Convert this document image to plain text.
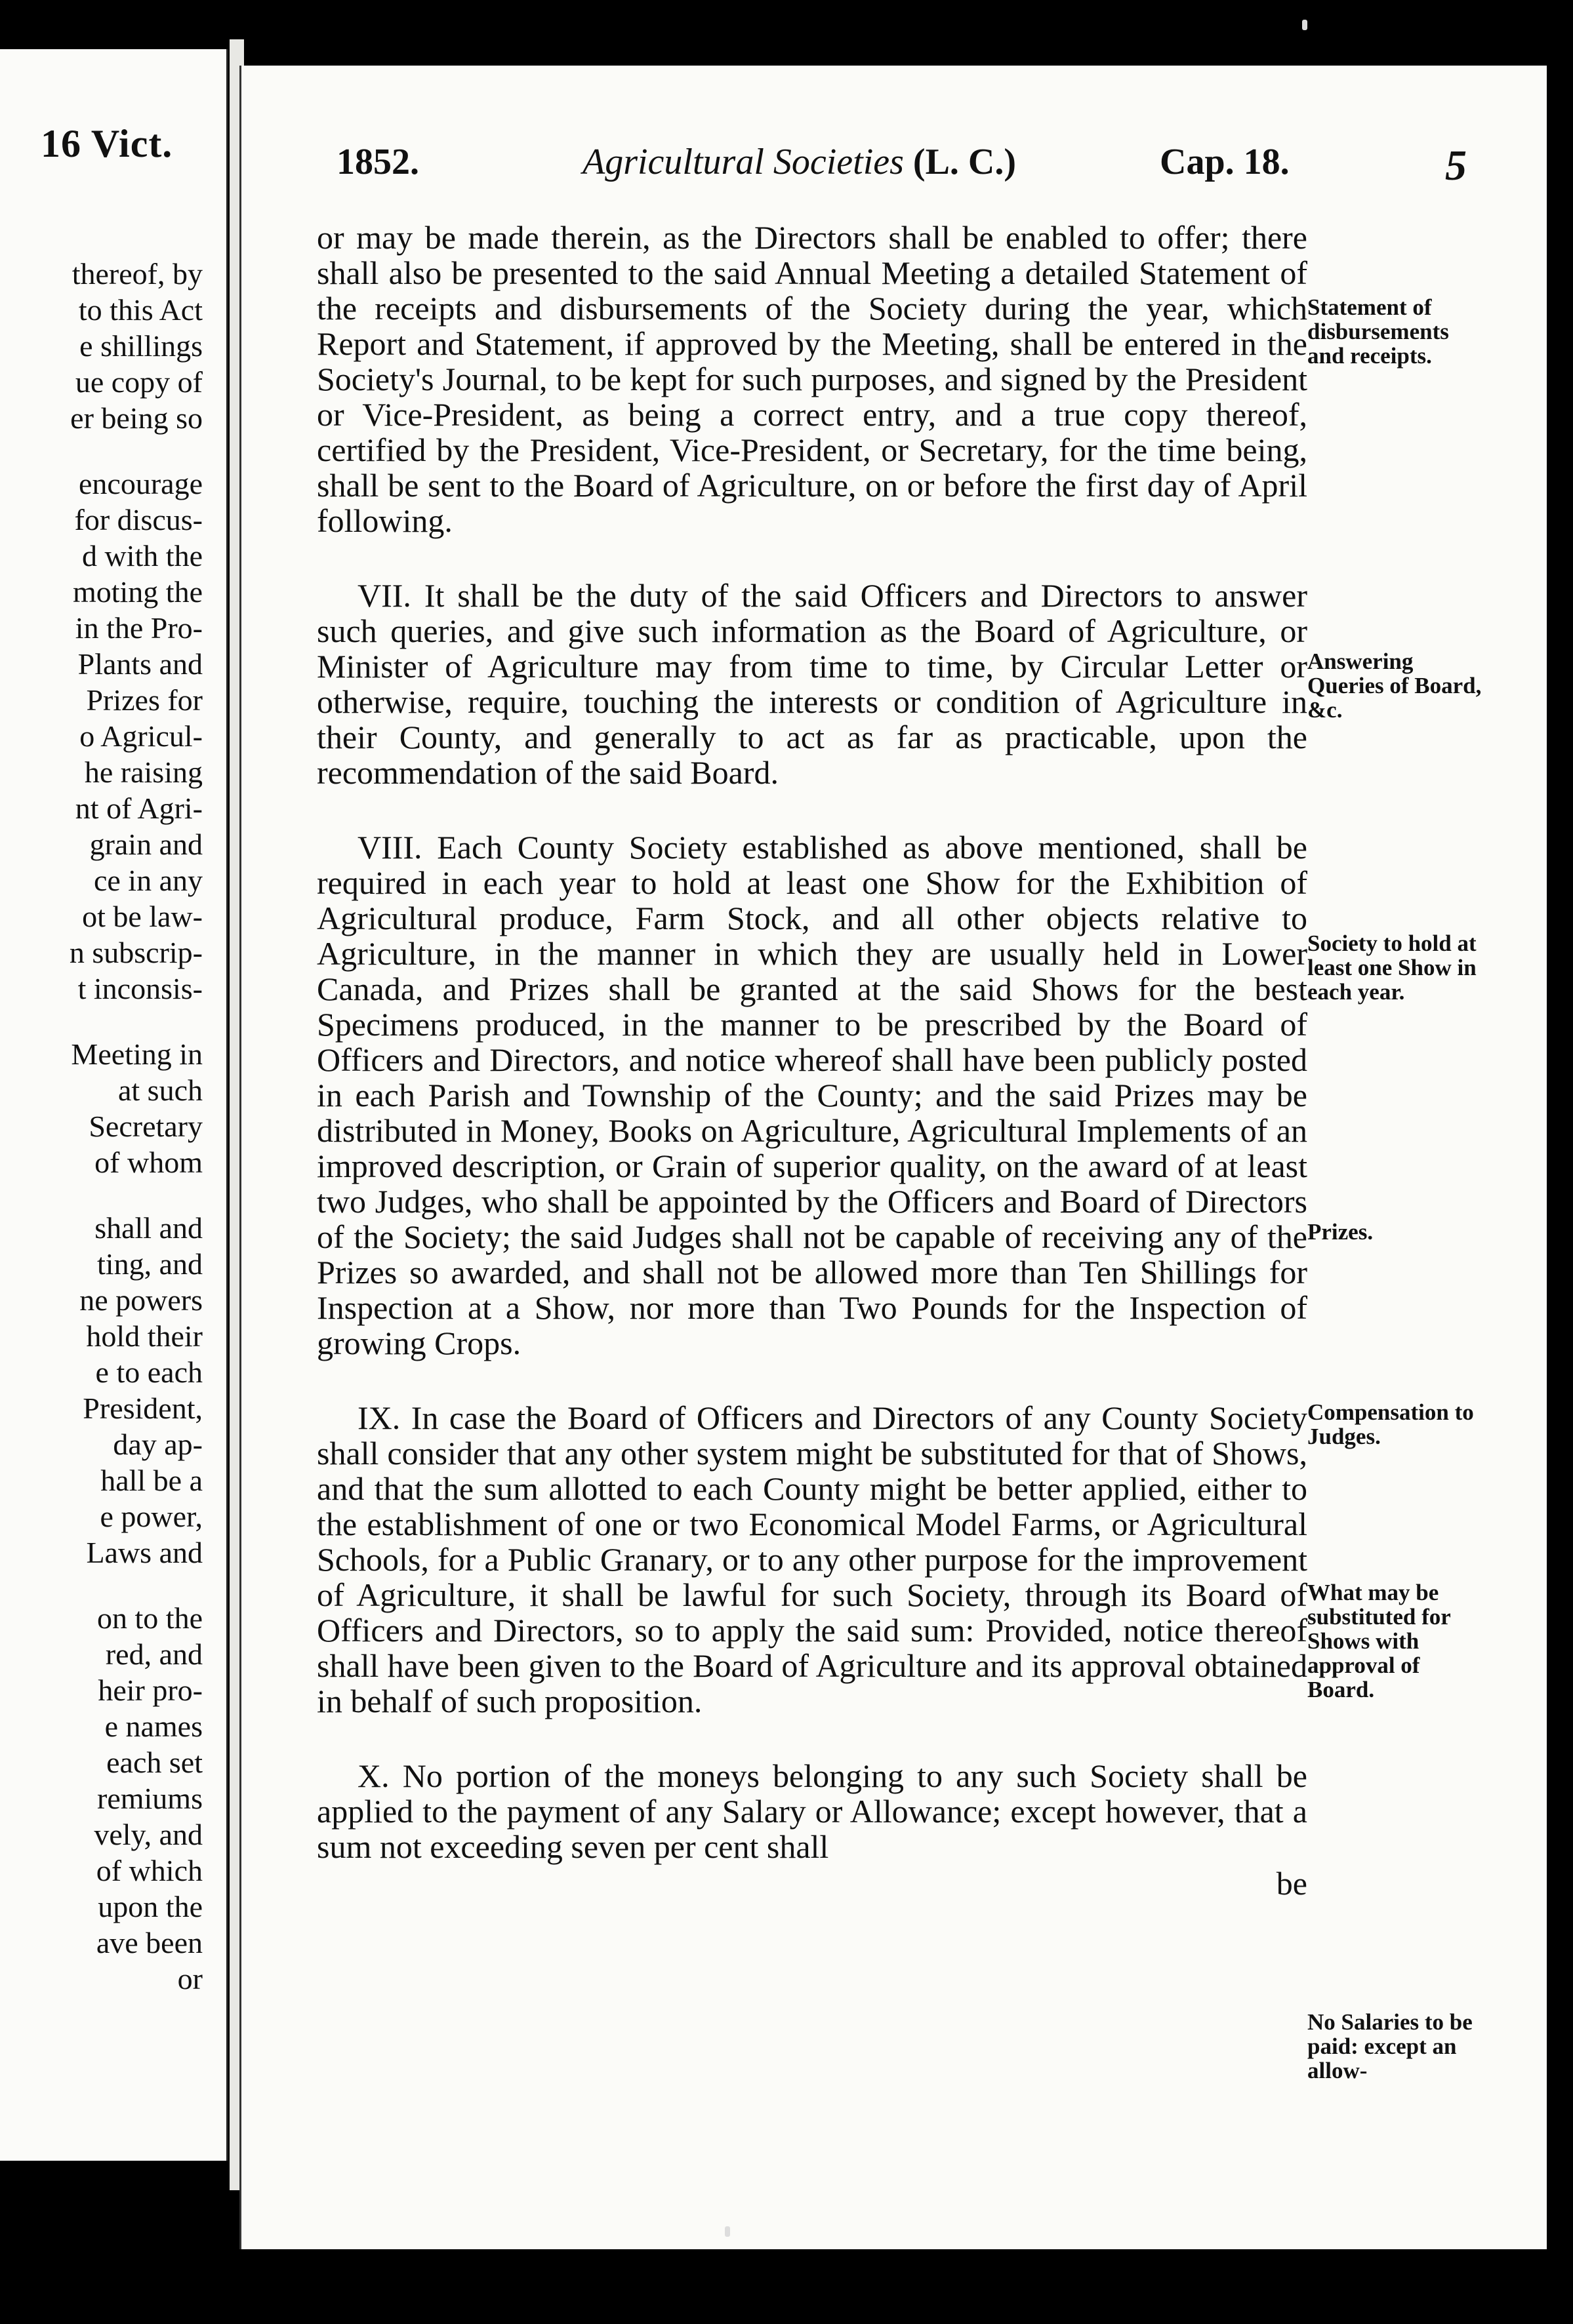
16 Vict.
thereof, by
to this Act
e shillings
ue copy of
er being so
encourage
for discus-
d with the
moting the
in the Pro-
Plants and
Prizes for
o Agricul-
he raising
nt of Agri-
grain and
ce in any
ot be law-
n subscrip-
t inconsis-
Meeting in
at such
Secretary
of whom
shall and
ting, and
ne powers
hold their
e to each
President,
day ap-
hall be a
e power,
Laws and
on to the
red, and
heir pro-
e names
each set
remiums
vely, and
of which
upon the
ave been
or
1852.	Agricultural Societies (L. C.)	Cap. 18.	5

or may be made therein, as the Directors shall be enabled to offer; there shall also be presented to the said Annual Meeting a detailed Statement of the receipts and disbursements of the Society during the year, which Report and Statement, if approved by the Meeting, shall be entered in the Society's Journal, to be kept for such purposes, and signed by the President or Vice-President, as being a correct entry, and a true copy thereof, certified by the President, Vice-President, or Secretary, for the time being, shall be sent to the Board of Agriculture, on or before the first day of April following.

VII. It shall be the duty of the said Officers and Directors to answer such queries, and give such information as the Board of Agriculture, or Minister of Agriculture may from time to time, by Circular Letter or otherwise, require, touching the interests or condition of Agriculture in their County, and generally to act as far as practicable, upon the recommendation of the said Board.

VIII. Each County Society established as above mentioned, shall be required in each year to hold at least one Show for the Exhibition of Agricultural produce, Farm Stock, and all other objects relative to Agriculture, in the manner in which they are usually held in Lower Canada, and Prizes shall be granted at the said Shows for the best Specimens produced, in the manner to be prescribed by the Board of Officers and Directors, and notice whereof shall have been publicly posted in each Parish and Township of the County; and the said Prizes may be distributed in Money, Books on Agriculture, Agricultural Implements of an improved description, or Grain of superior quality, on the award of at least two Judges, who shall be appointed by the Officers and Board of Directors of the Society; the said Judges shall not be capable of receiving any of the Prizes so awarded, and shall not be allowed more than Ten Shillings for Inspection at a Show, nor more than Two Pounds for the Inspection of growing Crops.

IX. In case the Board of Officers and Directors of any County Society shall consider that any other system might be substituted for that of Shows, and that the sum allotted to each County might be better applied, either to the establishment of one or two Economical Model Farms, or Agricultural Schools, for a Public Granary, or to any other purpose for the improvement of Agriculture, it shall be lawful for such Society, through its Board of Officers and Directors, so to apply the said sum: Provided, notice thereof shall have been given to the Board of Agriculture and its approval obtained in behalf of such proposition.

X. No portion of the moneys belonging to any such Society shall be applied to the payment of any Salary or Allowance; except however, that a sum not exceeding seven per cent shall

be

Statement of disbursements and receipts.
Answering Queries of Board, &c.
Society to hold at least one Show in each year.
Prizes.
Compensation to Judges.
What may be substituted for Shows with approval of Board.
No Salaries to be paid: except an allow-
